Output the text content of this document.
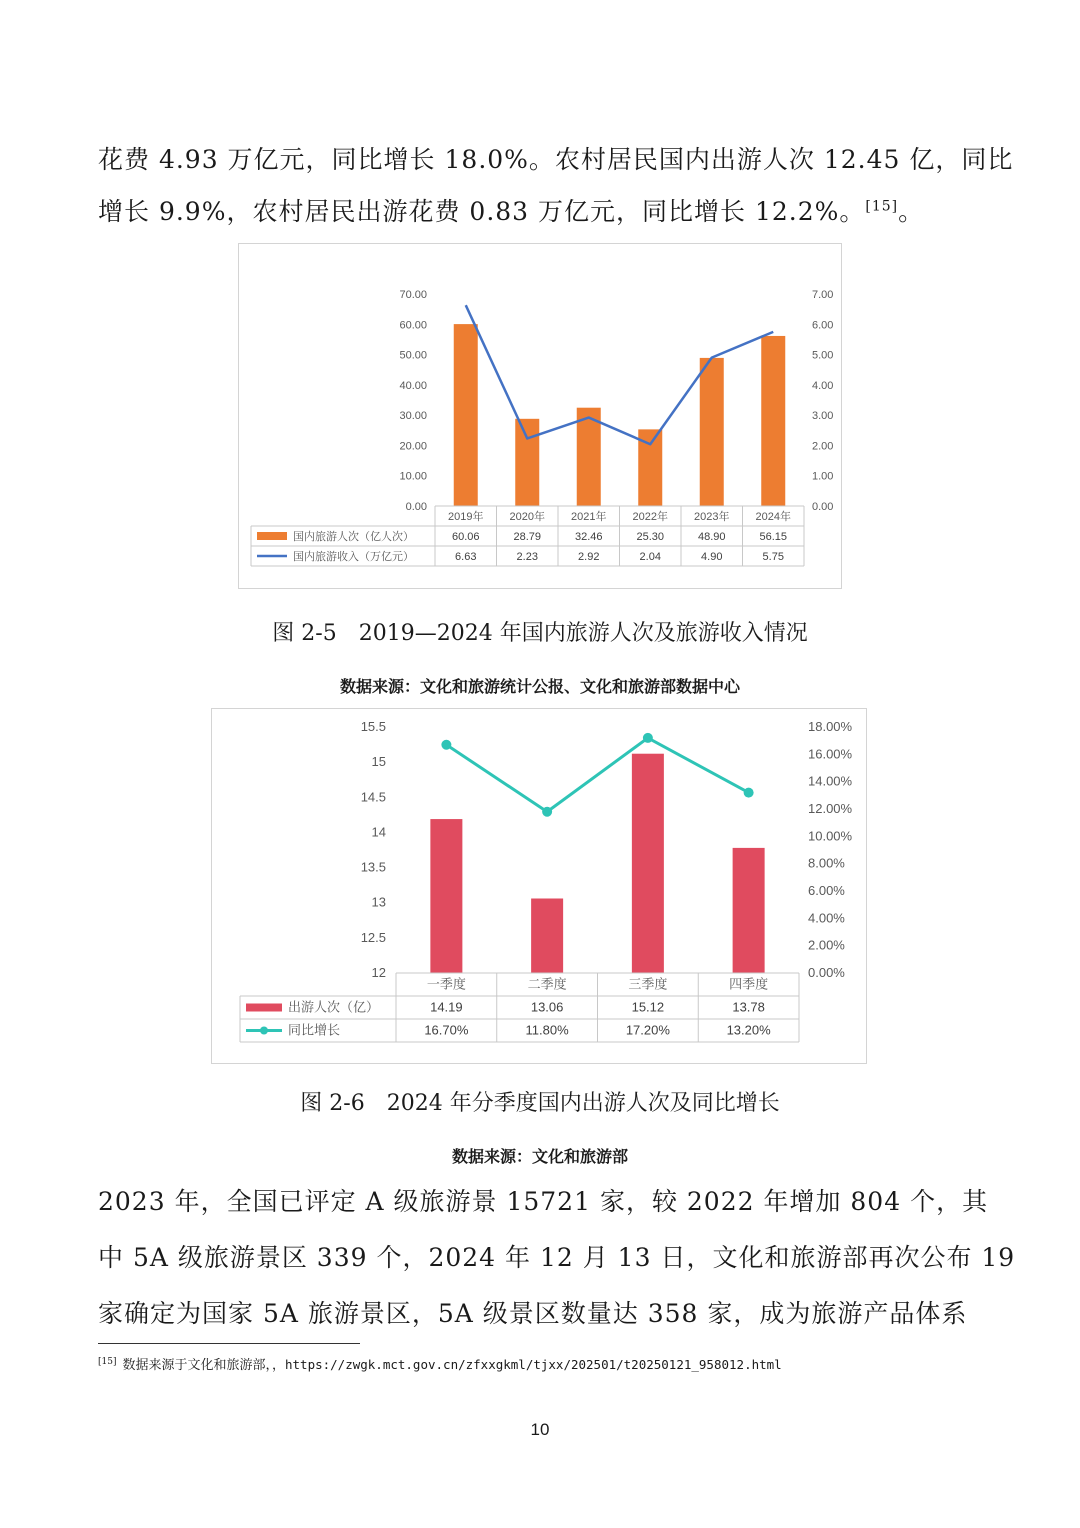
花费 4.93 万亿元，同比增长 18.0%。农村居民国内出游人次 12.45 亿，同比
增长 9.9%，农村居民出游花费 0.83 万亿元，同比增长 12.2%。[15]。

0.00
10.00
20.00
30.00
40.00
50.00
60.00
70.00
0.00
1.00
2.00
3.00
4.00
5.00
6.00
7.00
2019年 2020年 2021年 2022年 2023年 2024年
国内旅游人次（亿人次）	60.06	28.79	32.46	25.30	48.90	56.15
国内旅游收入（万亿元）	6.63	2.23	2.92	2.04	4.90	5.75

图 2-5　2019—2024 年国内旅游人次及旅游收入情况

数据来源：文化和旅游统计公报、文化和旅游部数据中心

12
12.5
13
13.5
14
14.5
15
15.5
0.00%
2.00%
4.00%
6.00%
8.00%
10.00%
12.00%
14.00%
16.00%
18.00%
一季度	二季度	三季度	四季度
出游人次（亿）	14.19	13.06	15.12	13.78
同比增长	16.70%	11.80%	17.20%	13.20%

图 2-6　2024 年分季度国内出游人次及同比增长

数据来源：文化和旅游部

2023 年，全国已评定 A 级旅游景 15721 家，较 2022 年增加 804 个，其
中 5A 级旅游景区 339 个，2024 年 12 月 13 日，文化和旅游部再次公布 19
家确定为国家 5A 旅游景区，5A 级景区数量达 358 家，成为旅游产品体系

[15] 数据来源于文化和旅游部，，https://zwgk.mct.gov.cn/zfxxgkml/tjxx/202501/t20250121_958012.html

10
